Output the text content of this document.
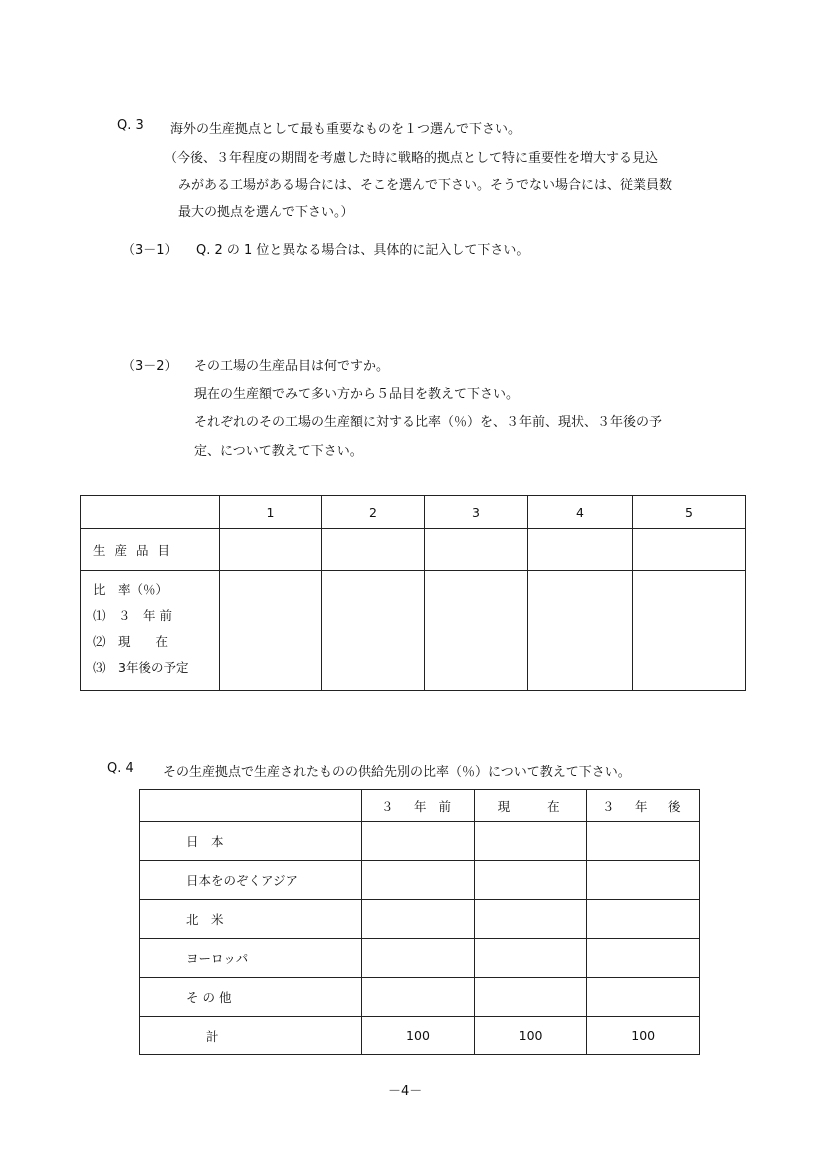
Q. 3 海外の生産拠点として最も重要なものを１つ選んで下さい。
（今後、３年程度の期間を考慮した時に戦略的拠点として特に重要性を増大する見込
みがある工場がある場合には、そこを選んで下さい。そうでない場合には、従業員数
最大の拠点を選んで下さい。）
（3－1） Q. 2 の 1 位と異なる場合は、具体的に記入して下さい。
（3－2） その工場の生産品目は何ですか。
現在の生産額でみて多い方から５品目を教えて下さい。
それぞれのその工場の生産額に対する比率（％）を、３年前、現状、３年後の予
定、について教えて下さい。
	1	2	3	4	5
生産品目					

比　率（％）
⑴　３　年 前
⑵　現　　在
⑶　3年後の予定					

Q. 4 その生産拠点で生産されたものの供給先別の比率（％）について教えて下さい。
	３　年 前	現　　在	３　年　後
日　本			
日本をのぞくアジア			
北　米			
ヨーロッパ			
そ の 他			
計	100	100	100
－4－
